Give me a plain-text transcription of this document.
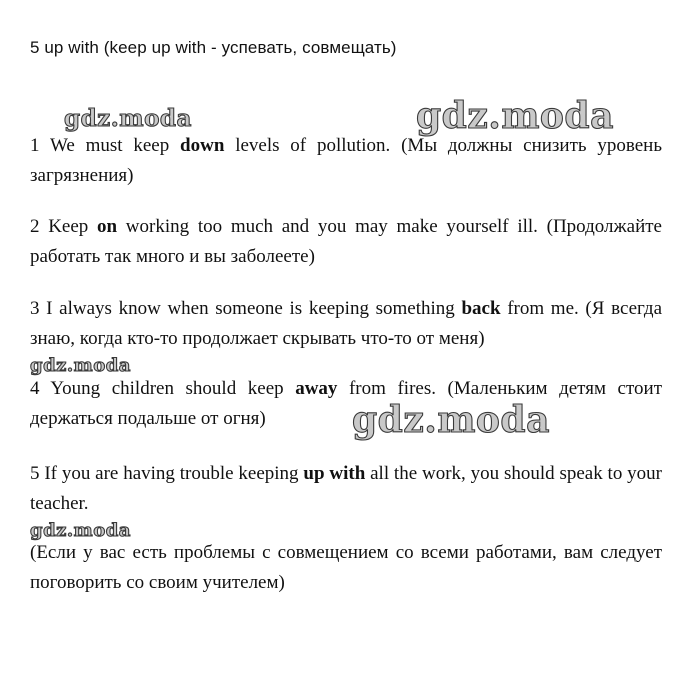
5 up with (keep up with - успевать, совмещать)
gdz.moda	gdz.moda
1 We must keep down levels of pollution. (Мы должны снизить уровень загрязнения)
2 Keep on working too much and you may make yourself ill. (Продолжайте работать так много и вы заболеете)
3 I always know when someone is keeping something back from me. (Я всегда знаю, когда кто-то продолжает скрывать что-то от меня)
gdz.moda
4 Young children should keep away from fires. (Маленьким детям стоит держаться подальше от огня)	gdz.moda
5 If you are having trouble keeping up with all the work, you should speak to your teacher.
gdz.moda
(Если у вас есть проблемы с совмещением со всеми работами, вам следует поговорить со своим учителем)
